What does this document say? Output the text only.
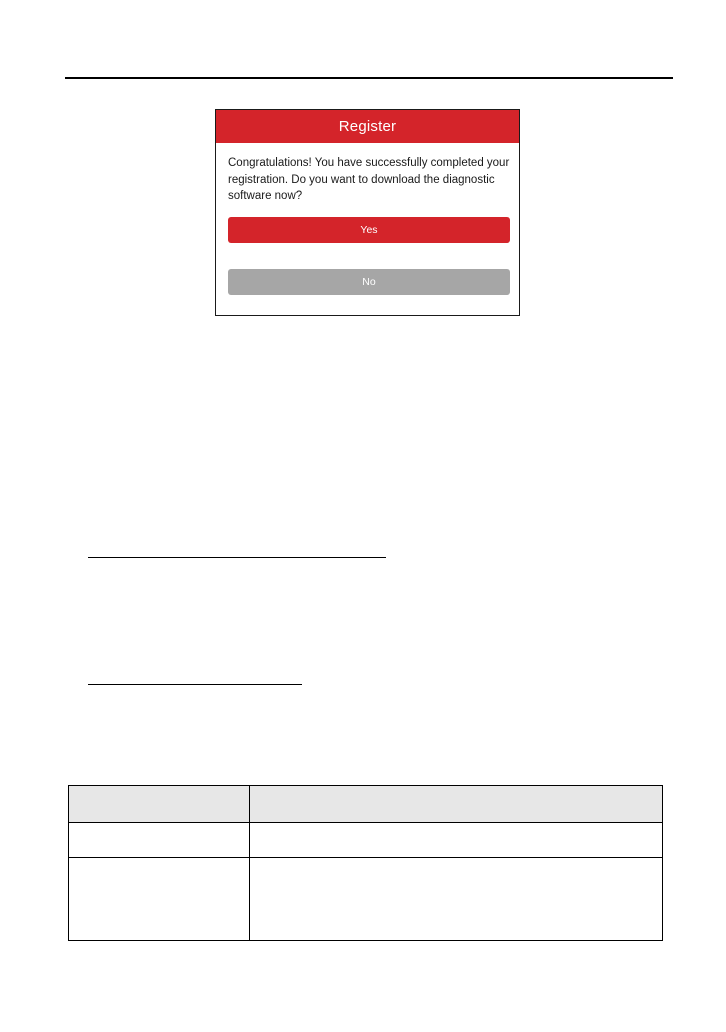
Register
Congratulations! You have successfully completed your registration. Do you want to download the diagnostic software now?
Yes
No
